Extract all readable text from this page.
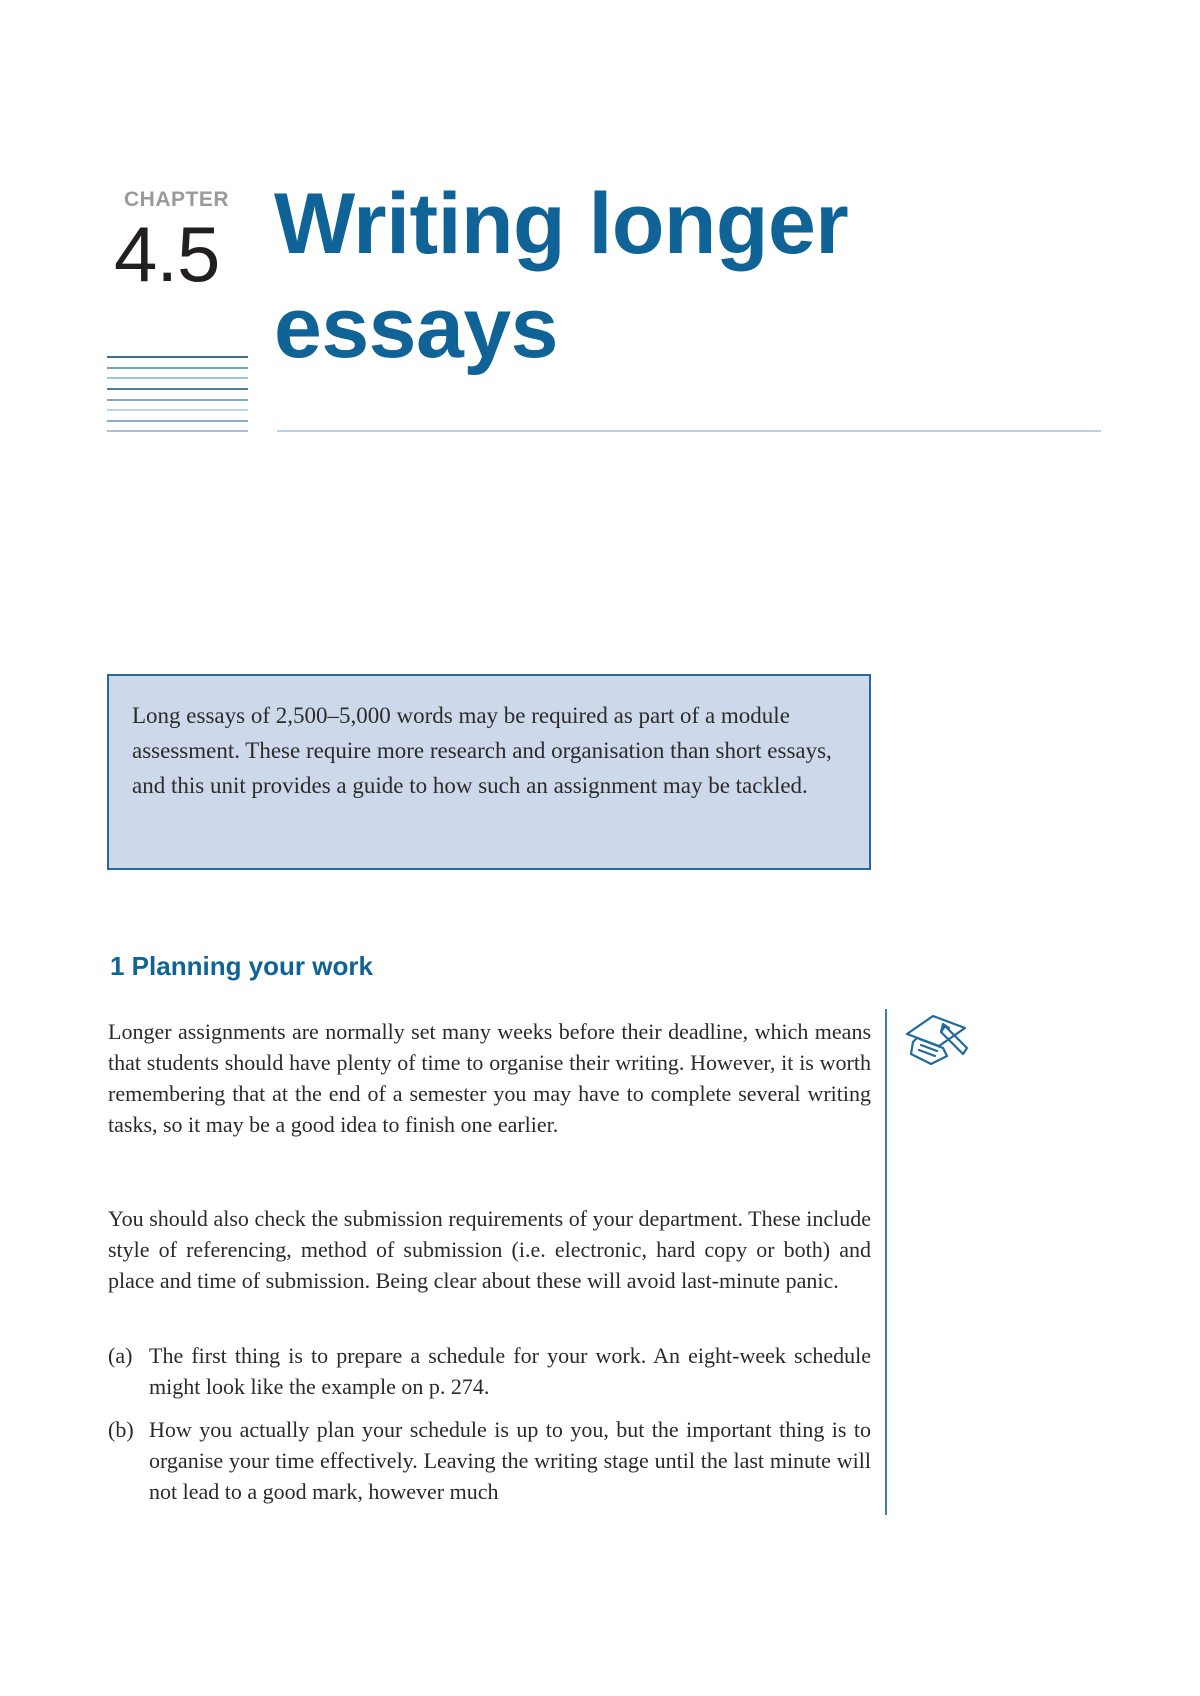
CHAPTER
4.5 Writing longer essays
Long essays of 2,500–5,000 words may be required as part of a module assessment. These require more research and organisation than short essays, and this unit provides a guide to how such an assignment may be tackled.
1 Planning your work
Longer assignments are normally set many weeks before their deadline, which means that students should have plenty of time to organise their writing. However, it is worth remembering that at the end of a semester you may have to complete several writing tasks, so it may be a good idea to finish one earlier.
You should also check the submission requirements of your department. These include style of referencing, method of submission (i.e. electronic, hard copy or both) and place and time of submission. Being clear about these will avoid last-minute panic.
(a) The first thing is to prepare a schedule for your work. An eight-week schedule might look like the example on p. 274.
(b) How you actually plan your schedule is up to you, but the important thing is to organise your time effectively. Leaving the writing stage until the last minute will not lead to a good mark, however much
